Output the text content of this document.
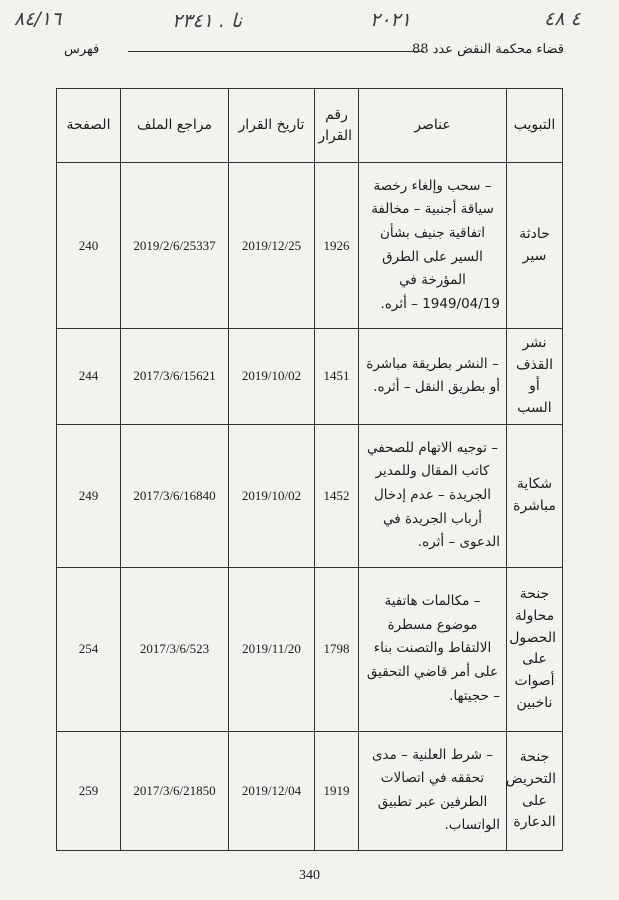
٨٤/١٦	ﻧﺎ . ٢٣٤١	٢٠٢١	٤ ٤٨
قضاء محكمة النقض عدد 88
فهرس
التبويب	عناصر	رقم القرار	تاريخ القرار	مراجع الملف	الصفحة
حادثة سير	– سحب وإلغاء رخصة سياقة أجنبية – مخالفة اتفاقية جنيف بشأن السير على الطرق المؤرخة في 1949/04/19 – أثره.	1926	2019/12/25	2019/2/6/25337	240
نشر القذف أو السب	– النشر بطريقة مباشرة أو بطريق النقل – أثره.	1451	2019/10/02	2017/3/6/15621	244
شكاية مباشرة	– توجيه الاتهام للصحفي كاتب المقال وللمدير الجريدة – عدم إدخال أرباب الجريدة في الدعوى – أثره.	1452	2019/10/02	2017/3/6/16840	249
جنحة محاولة الحصول على أصوات ناخبين	– مكالمات هاتفية موضوع مسطرة الالتقاط والتصنت بناء على أمر قاضي التحقيق – حجيتها.	1798	2019/11/20	2017/3/6/523	254
جنحة التحريض على الدعارة	– شرط العلنية – مدى تحققه في اتصالات الطرفين عبر تطبيق الواتساب.	1919	2019/12/04	2017/3/6/21850	259
340
